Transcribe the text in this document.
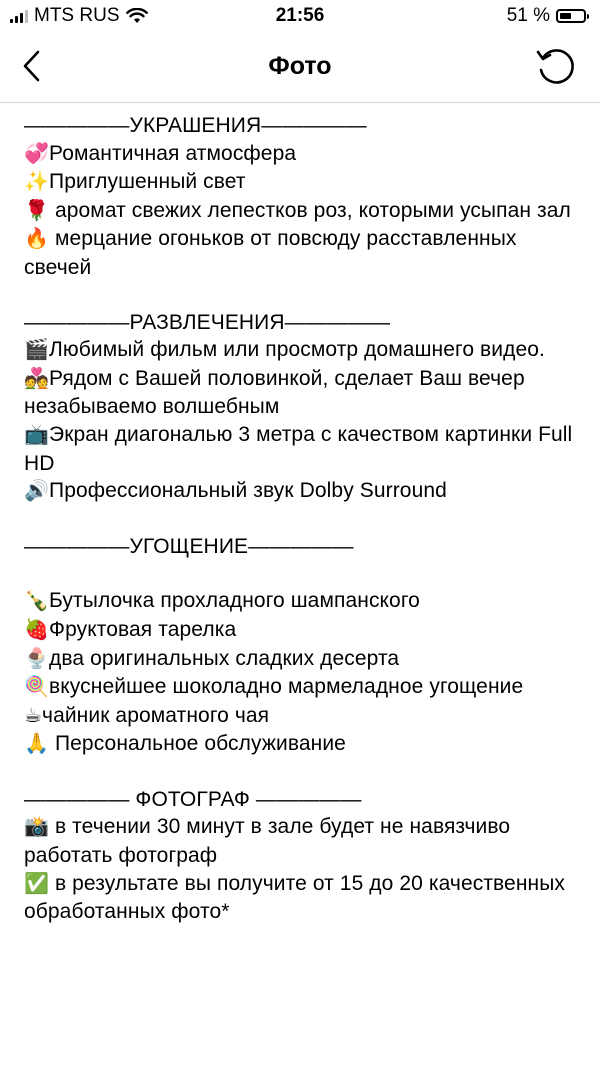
MTS RUS	21:56	51 %
Фото

—————УКРАШЕНИЯ—————

💞Романтичная атмосфера

✨Приглушенный свет

🌹 аромат свежих лепестков роз, которыми усыпан зал

🔥 мерцание огоньков от повсюду расставленных свечей

—————РАЗВЛЕЧЕНИЯ—————

🎬Любимый фильм или просмотр домашнего видео.

💑Рядом с Вашей половинкой, сделает Ваш вечер незабываемо волшебным

📺Экран диагональю 3 метра с качеством картинки Full HD

🔊Профессиональный звук Dolby Surround

—————УГОЩЕНИЕ—————

🍾Бутылочка прохладного шампанского

🍓Фруктовая тарелка

🍨два оригинальных сладких десерта

🍭вкуснейшее шоколадно мармеладное угощение

☕чайник ароматного чая

🙏 Персональное обслуживание

————— ФОТОГРАФ —————

📸 в течении 30 минут в зале будет не навязчиво работать фотограф

✅ в результате вы получите от 15 до 20 качественных обработанных фото*
